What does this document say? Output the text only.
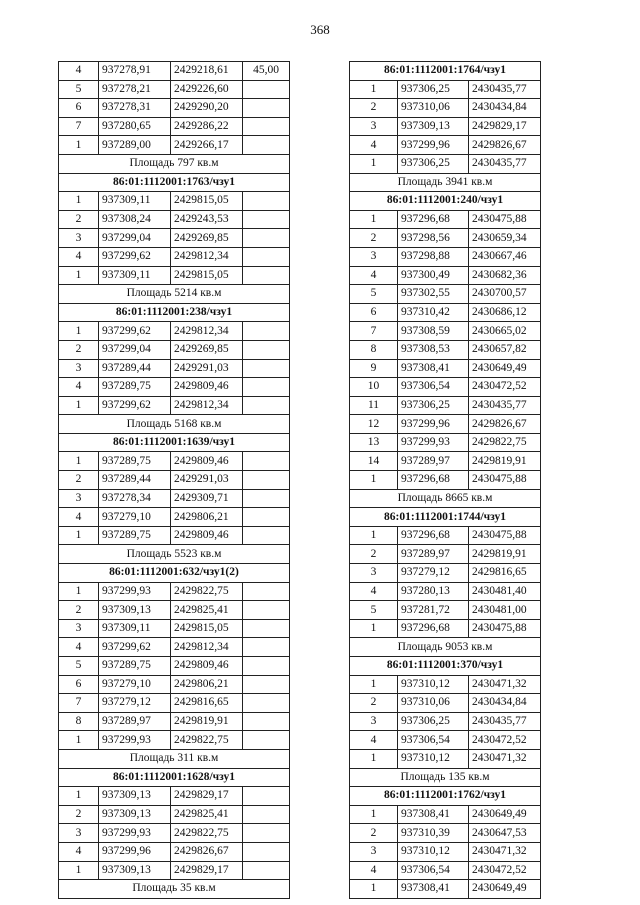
368
4	937278,91	2429218,61	45,00
5	937278,21	2429226,60	
6	937278,31	2429290,20	
7	937280,65	2429286,22	
1	937289,00	2429266,17	
Площадь 797 кв.м			
86:01:1112001:1763/чзу1			
1	937309,11	2429815,05	
2	937308,24	2429243,53	
3	937299,04	2429269,85	
4	937299,62	2429812,34	
1	937309,11	2429815,05	
Площадь 5214 кв.м			
86:01:1112001:238/чзу1			
1	937299,62	2429812,34	
2	937299,04	2429269,85	
3	937289,44	2429291,03	
4	937289,75	2429809,46	
1	937299,62	2429812,34	
Площадь 5168 кв.м			
86:01:1112001:1639/чзу1			
1	937289,75	2429809,46	
2	937289,44	2429291,03	
3	937278,34	2429309,71	
4	937279,10	2429806,21	
1	937289,75	2429809,46	
Площадь 5523 кв.м			
86:01:1112001:632/чзу1(2)			
1	937299,93	2429822,75	
2	937309,13	2429825,41	
3	937309,11	2429815,05	
4	937299,62	2429812,34	
5	937289,75	2429809,46	
6	937279,10	2429806,21	
7	937279,12	2429816,65	
8	937289,97	2429819,91	
1	937299,93	2429822,75	
Площадь 311 кв.м			
86:01:1112001:1628/чзу1			
1	937309,13	2429829,17	
2	937309,13	2429825,41	
3	937299,93	2429822,75	
4	937299,96	2429826,67	
1	937309,13	2429829,17	
Площадь 35 кв.м			
86:01:1112001:1764/чзу1		
1	937306,25	2430435,77
2	937310,06	2430434,84
3	937309,13	2429829,17
4	937299,96	2429826,67
1	937306,25	2430435,77
Площадь 3941 кв.м		
86:01:1112001:240/чзу1		
1	937296,68	2430475,88
2	937298,56	2430659,34
3	937298,88	2430667,46
4	937300,49	2430682,36
5	937302,55	2430700,57
6	937310,42	2430686,12
7	937308,59	2430665,02
8	937308,53	2430657,82
9	937308,41	2430649,49
10	937306,54	2430472,52
11	937306,25	2430435,77
12	937299,96	2429826,67
13	937299,93	2429822,75
14	937289,97	2429819,91
1	937296,68	2430475,88
Площадь 8665 кв.м		
86:01:1112001:1744/чзу1		
1	937296,68	2430475,88
2	937289,97	2429819,91
3	937279,12	2429816,65
4	937280,13	2430481,40
5	937281,72	2430481,00
1	937296,68	2430475,88
Площадь 9053 кв.м		
86:01:1112001:370/чзу1		
1	937310,12	2430471,32
2	937310,06	2430434,84
3	937306,25	2430435,77
4	937306,54	2430472,52
1	937310,12	2430471,32
Площадь 135 кв.м		
86:01:1112001:1762/чзу1		
1	937308,41	2430649,49
2	937310,39	2430647,53
3	937310,12	2430471,32
4	937306,54	2430472,52
1	937308,41	2430649,49
